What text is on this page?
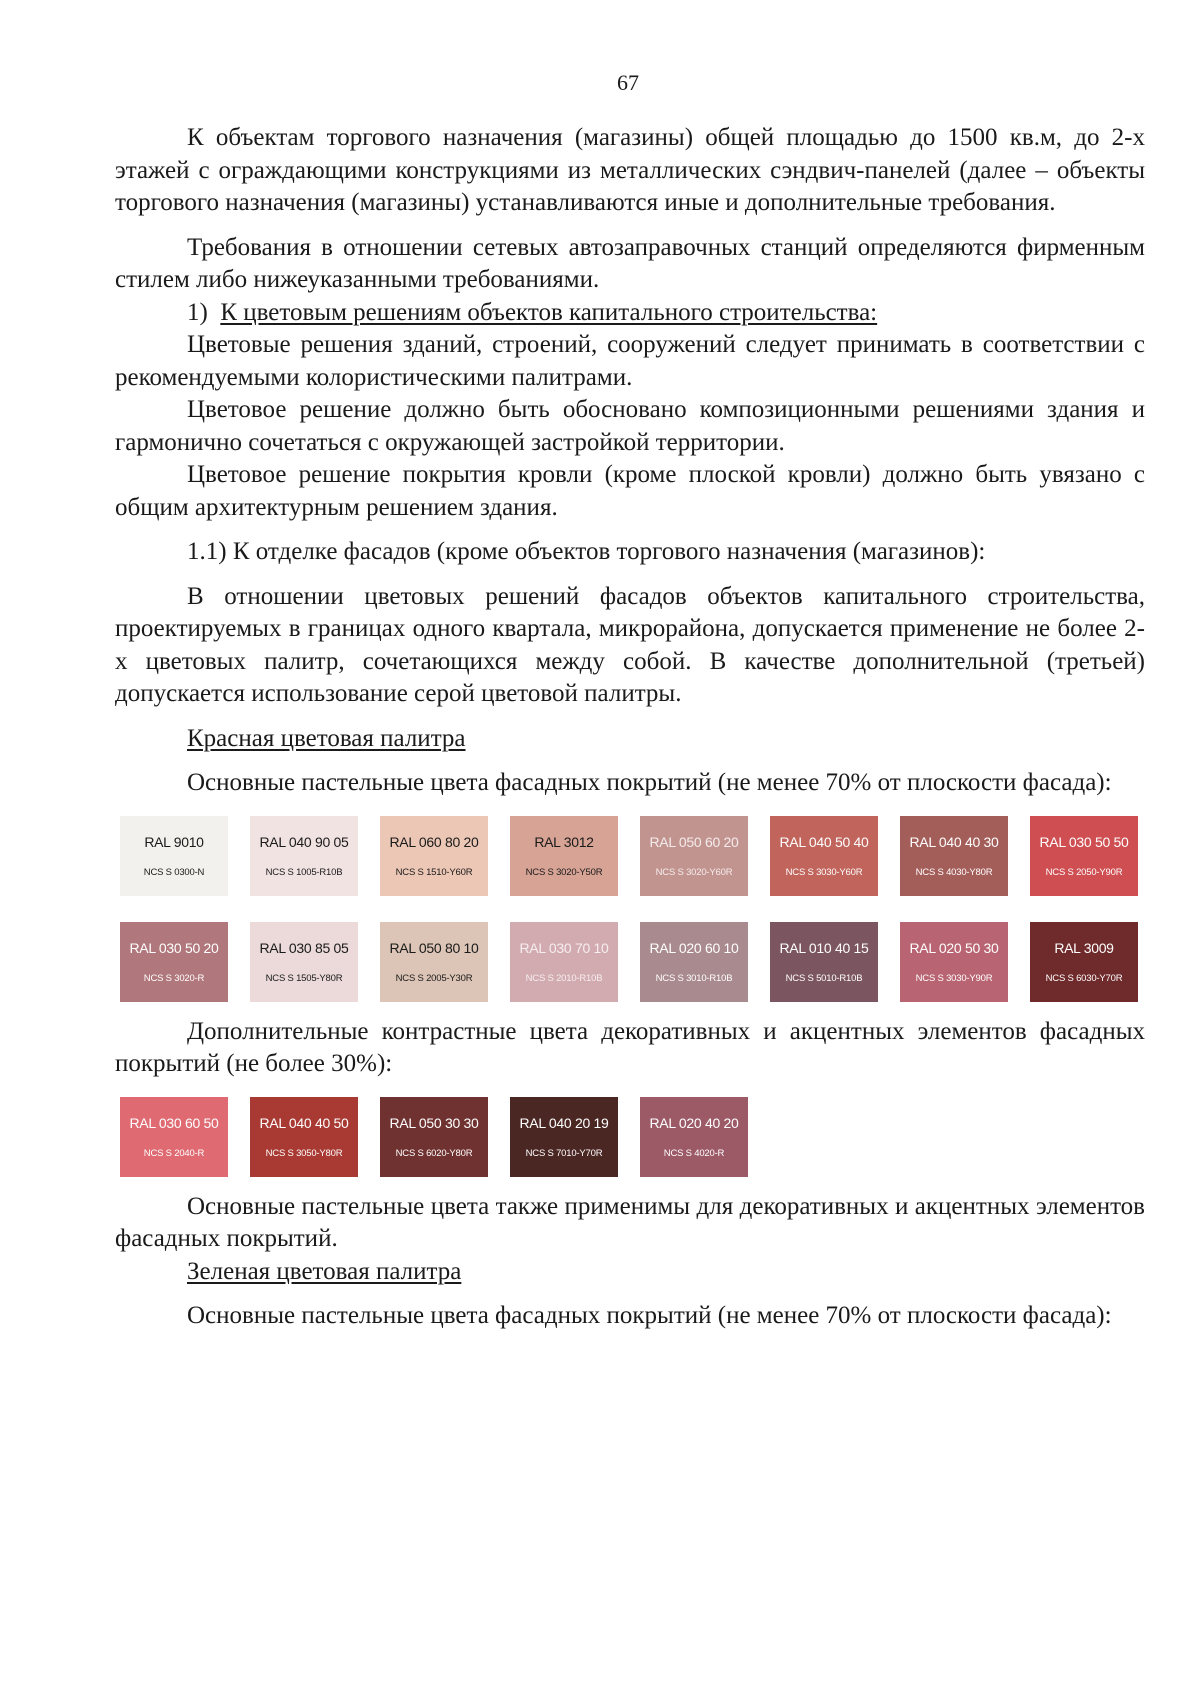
67

К объектам торгового назначения (магазины) общей площадью до 1500 кв.м, до 2-х этажей с ограждающими конструкциями из металлических сэндвич-панелей (далее – объекты торгового назначения (магазины) устанавливаются иные и дополнительные требования.

Требования в отношении сетевых автозаправочных станций определяются фирменным стилем либо нижеуказанными требованиями.

1) К цветовым решениям объектов капитального строительства:

Цветовые решения зданий, строений, сооружений следует принимать в соответствии с рекомендуемыми колористическими палитрами.

Цветовое решение должно быть обосновано композиционными решениями здания и гармонично сочетаться с окружающей застройкой территории.

Цветовое решение покрытия кровли (кроме плоской кровли) должно быть увязано с общим архитектурным решением здания.

1.1) К отделке фасадов (кроме объектов торгового назначения (магазинов):

В отношении цветовых решений фасадов объектов капитального строительства, проектируемых в границах одного квартала, микрорайона, допускается применение не более 2-х цветовых палитр, сочетающихся между собой. В качестве дополнительной (третьей) допускается использование серой цветовой палитры.

Красная цветовая палитра

Основные пастельные цвета фасадных покрытий (не менее 70% от плоскости фасада):

RAL 9010
NCS S 0300-N
RAL 040 90 05
NCS S 1005-R10B
RAL 060 80 20
NCS S 1510-Y60R
RAL 3012
NCS S 3020-Y50R
RAL 050 60 20
NCS S 3020-Y60R
RAL 040 50 40
NCS S 3030-Y60R
RAL 040 40 30
NCS S 4030-Y80R
RAL 030 50 50
NCS S 2050-Y90R
RAL 030 50 20
NCS S 3020-R
RAL 030 85 05
NCS S 1505-Y80R
RAL 050 80 10
NCS S 2005-Y30R
RAL 030 70 10
NCS S 2010-R10B
RAL 020 60 10
NCS S 3010-R10B
RAL 010 40 15
NCS S 5010-R10B
RAL 020 50 30
NCS S 3030-Y90R
RAL 3009
NCS S 6030-Y70R

Дополнительные контрастные цвета декоративных и акцентных элементов фасадных покрытий (не более 30%):

RAL 030 60 50
NCS S 2040-R
RAL 040 40 50
NCS S 3050-Y80R
RAL 050 30 30
NCS S 6020-Y80R
RAL 040 20 19
NCS S 7010-Y70R
RAL 020 40 20
NCS S 4020-R

Основные пастельные цвета также применимы для декоративных и акцентных элементов фасадных покрытий.

Зеленая цветовая палитра

Основные пастельные цвета фасадных покрытий (не менее 70% от плоскости фасада):
